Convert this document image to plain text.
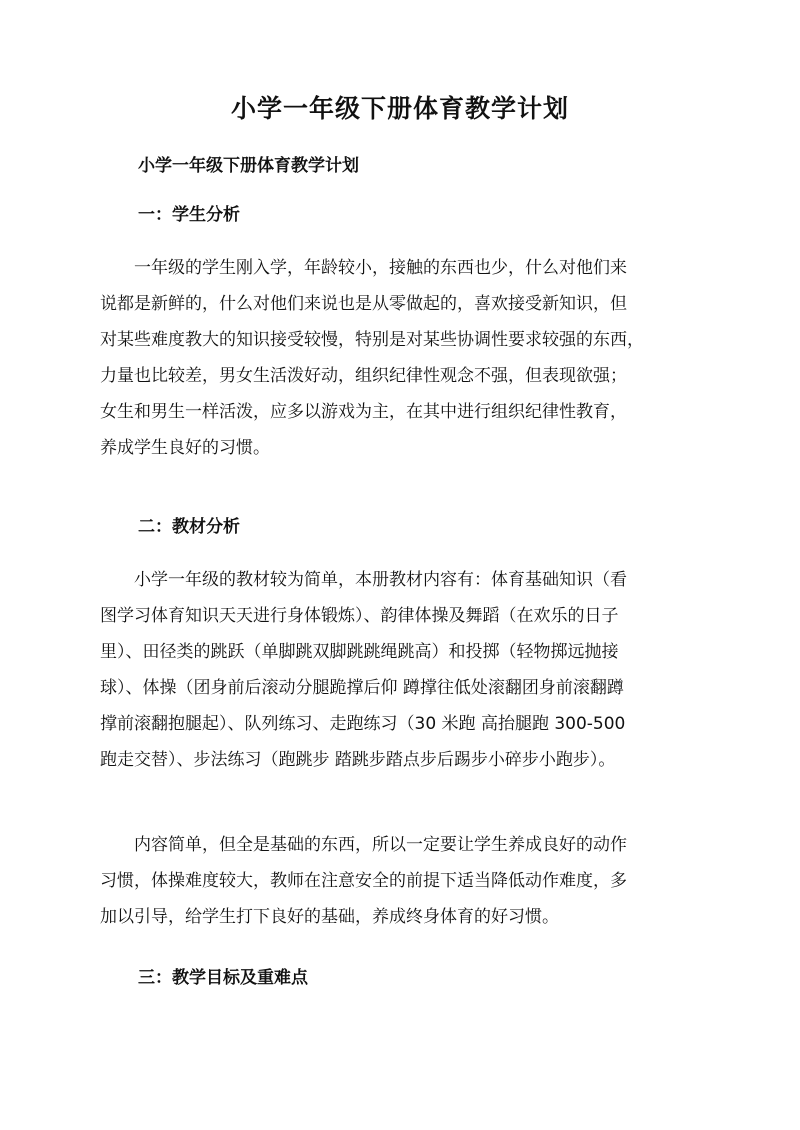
小学一年级下册体育教学计划
小学一年级下册体育教学计划
一：学生分析
　　一年级的学生刚入学，年龄较小，接触的东西也少，什么对他们来
说都是新鲜的，什么对他们来说也是从零做起的，喜欢接受新知识，但
对某些难度教大的知识接受较慢，特别是对某些协调性要求较强的东西，
力量也比较差，男女生活泼好动，组织纪律性观念不强，但表现欲强；
女生和男生一样活泼，应多以游戏为主，在其中进行组织纪律性教育，
养成学生良好的习惯。
二：教材分析
　　小学一年级的教材较为简单，本册教材内容有：体育基础知识（看
图学习体育知识天天进行身体锻炼）、韵律体操及舞蹈（在欢乐的日子
里）、田径类的跳跃（单脚跳双脚跳跳绳跳高）和投掷（轻物掷远抛接
球）、体操（团身前后滚动分腿跪撑后仰 蹲撑往低处滚翻团身前滚翻蹲
撑前滚翻抱腿起）、队列练习、走跑练习（30 米跑 高抬腿跑 300-500
跑走交替）、步法练习（跑跳步 踏跳步踏点步后踢步小碎步小跑步）。
　　内容简单，但全是基础的东西，所以一定要让学生养成良好的动作
习惯，体操难度较大，教师在注意安全的前提下适当降低动作难度，多
加以引导，给学生打下良好的基础，养成终身体育的好习惯。
三：教学目标及重难点
